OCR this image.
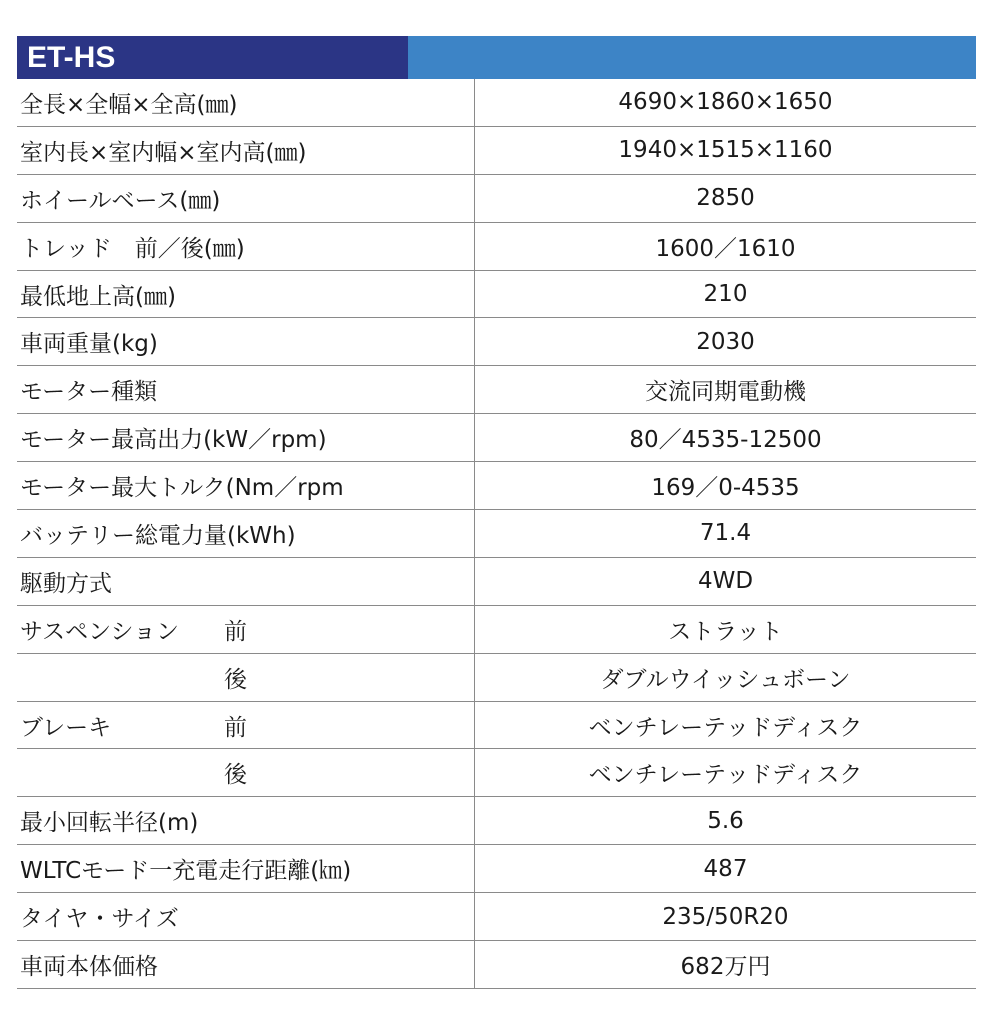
ET-HS
全長×全幅×全高(㎜)	4690×1860×1650
室内長×室内幅×室内高(㎜)	1940×1515×1160
ホイールベース(㎜)	2850
トレッド　前／後(㎜)	1600／1610
最低地上高(㎜)	210
車両重量(kg)	2030
モーター種類	交流同期電動機
モーター最高出力(kW／rpm)	80／4535-12500
モーター最大トルク(Nm／rpm	169／0-4535
バッテリー総電力量(kWh)	71.4
駆動方式	4WD
サスペンション 前	ストラット
後	ダブルウイッシュボーン
ブレーキ	前	ベンチレーテッドディスク
後	ベンチレーテッドディスク
最小回転半径(m)	5.6
WLTCモード一充電走行距離(㎞)	487
タイヤ・サイズ	235/50R20
車両本体価格	682万円
